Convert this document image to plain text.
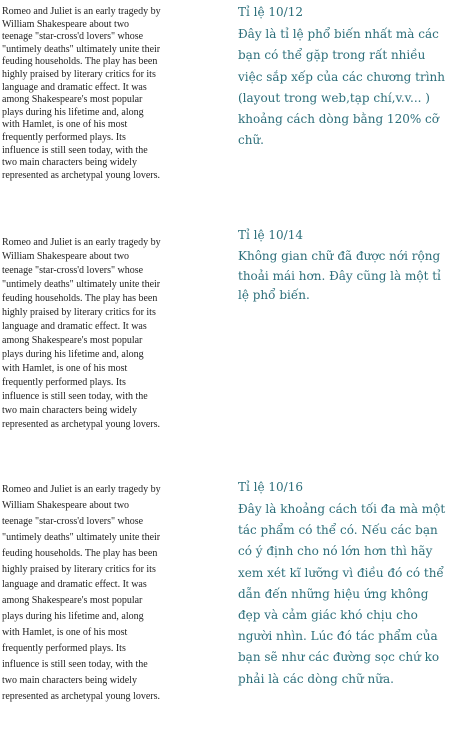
Romeo and Juliet is an early tragedy by William Shakespeare about two teenage "star-cross'd lovers" whose "untimely deaths" ultimately unite their feuding households. The play has been highly praised by literary critics for its language and dramatic effect. It was among Shakespeare's most popular plays during his lifetime and, along with Hamlet, is one of his most frequently performed plays. Its influence is still seen today, with the two main characters being widely represented as archetypal young lovers.

Tỉ lệ 10/12

Đây là tỉ lệ phổ biến nhất mà các bạn có thể gặp trong rất nhiều việc sắp xếp của các chương trình (layout trong web,tạp chí,v.v... ) khoảng cách dòng bằng 120% cỡ chữ.

Romeo and Juliet is an early tragedy by William Shakespeare about two teenage "star-cross'd lovers" whose "untimely deaths" ultimately unite their feuding households. The play has been highly praised by literary critics for its language and dramatic effect. It was among Shakespeare's most popular plays during his lifetime and, along with Hamlet, is one of his most frequently performed plays. Its influence is still seen today, with the two main characters being widely represented as archetypal young lovers.

Tỉ lệ 10/14

Không gian chữ đã được nới rộng thoải mái hơn. Đây cũng là một tỉ lệ phổ biến.

Romeo and Juliet is an early tragedy by William Shakespeare about two teenage "star-cross'd lovers" whose "untimely deaths" ultimately unite their feuding households. The play has been highly praised by literary critics for its language and dramatic effect. It was among Shakespeare's most popular plays during his lifetime and, along with Hamlet, is one of his most frequently performed plays. Its influence is still seen today, with the two main characters being widely represented as archetypal young lovers.

Tỉ lệ 10/16

Đây là khoảng cách tối đa mà một tác phẩm có thể có. Nếu các bạn có ý định cho nó lớn hơn thì hãy xem xét kĩ lưỡng vì điều đó có thể dẫn đến những hiệu ứng không đẹp và cảm giác khó chịu cho người nhìn. Lúc đó tác phẩm của bạn sẽ như các đường sọc chứ ko phải là các dòng chữ nữa.
